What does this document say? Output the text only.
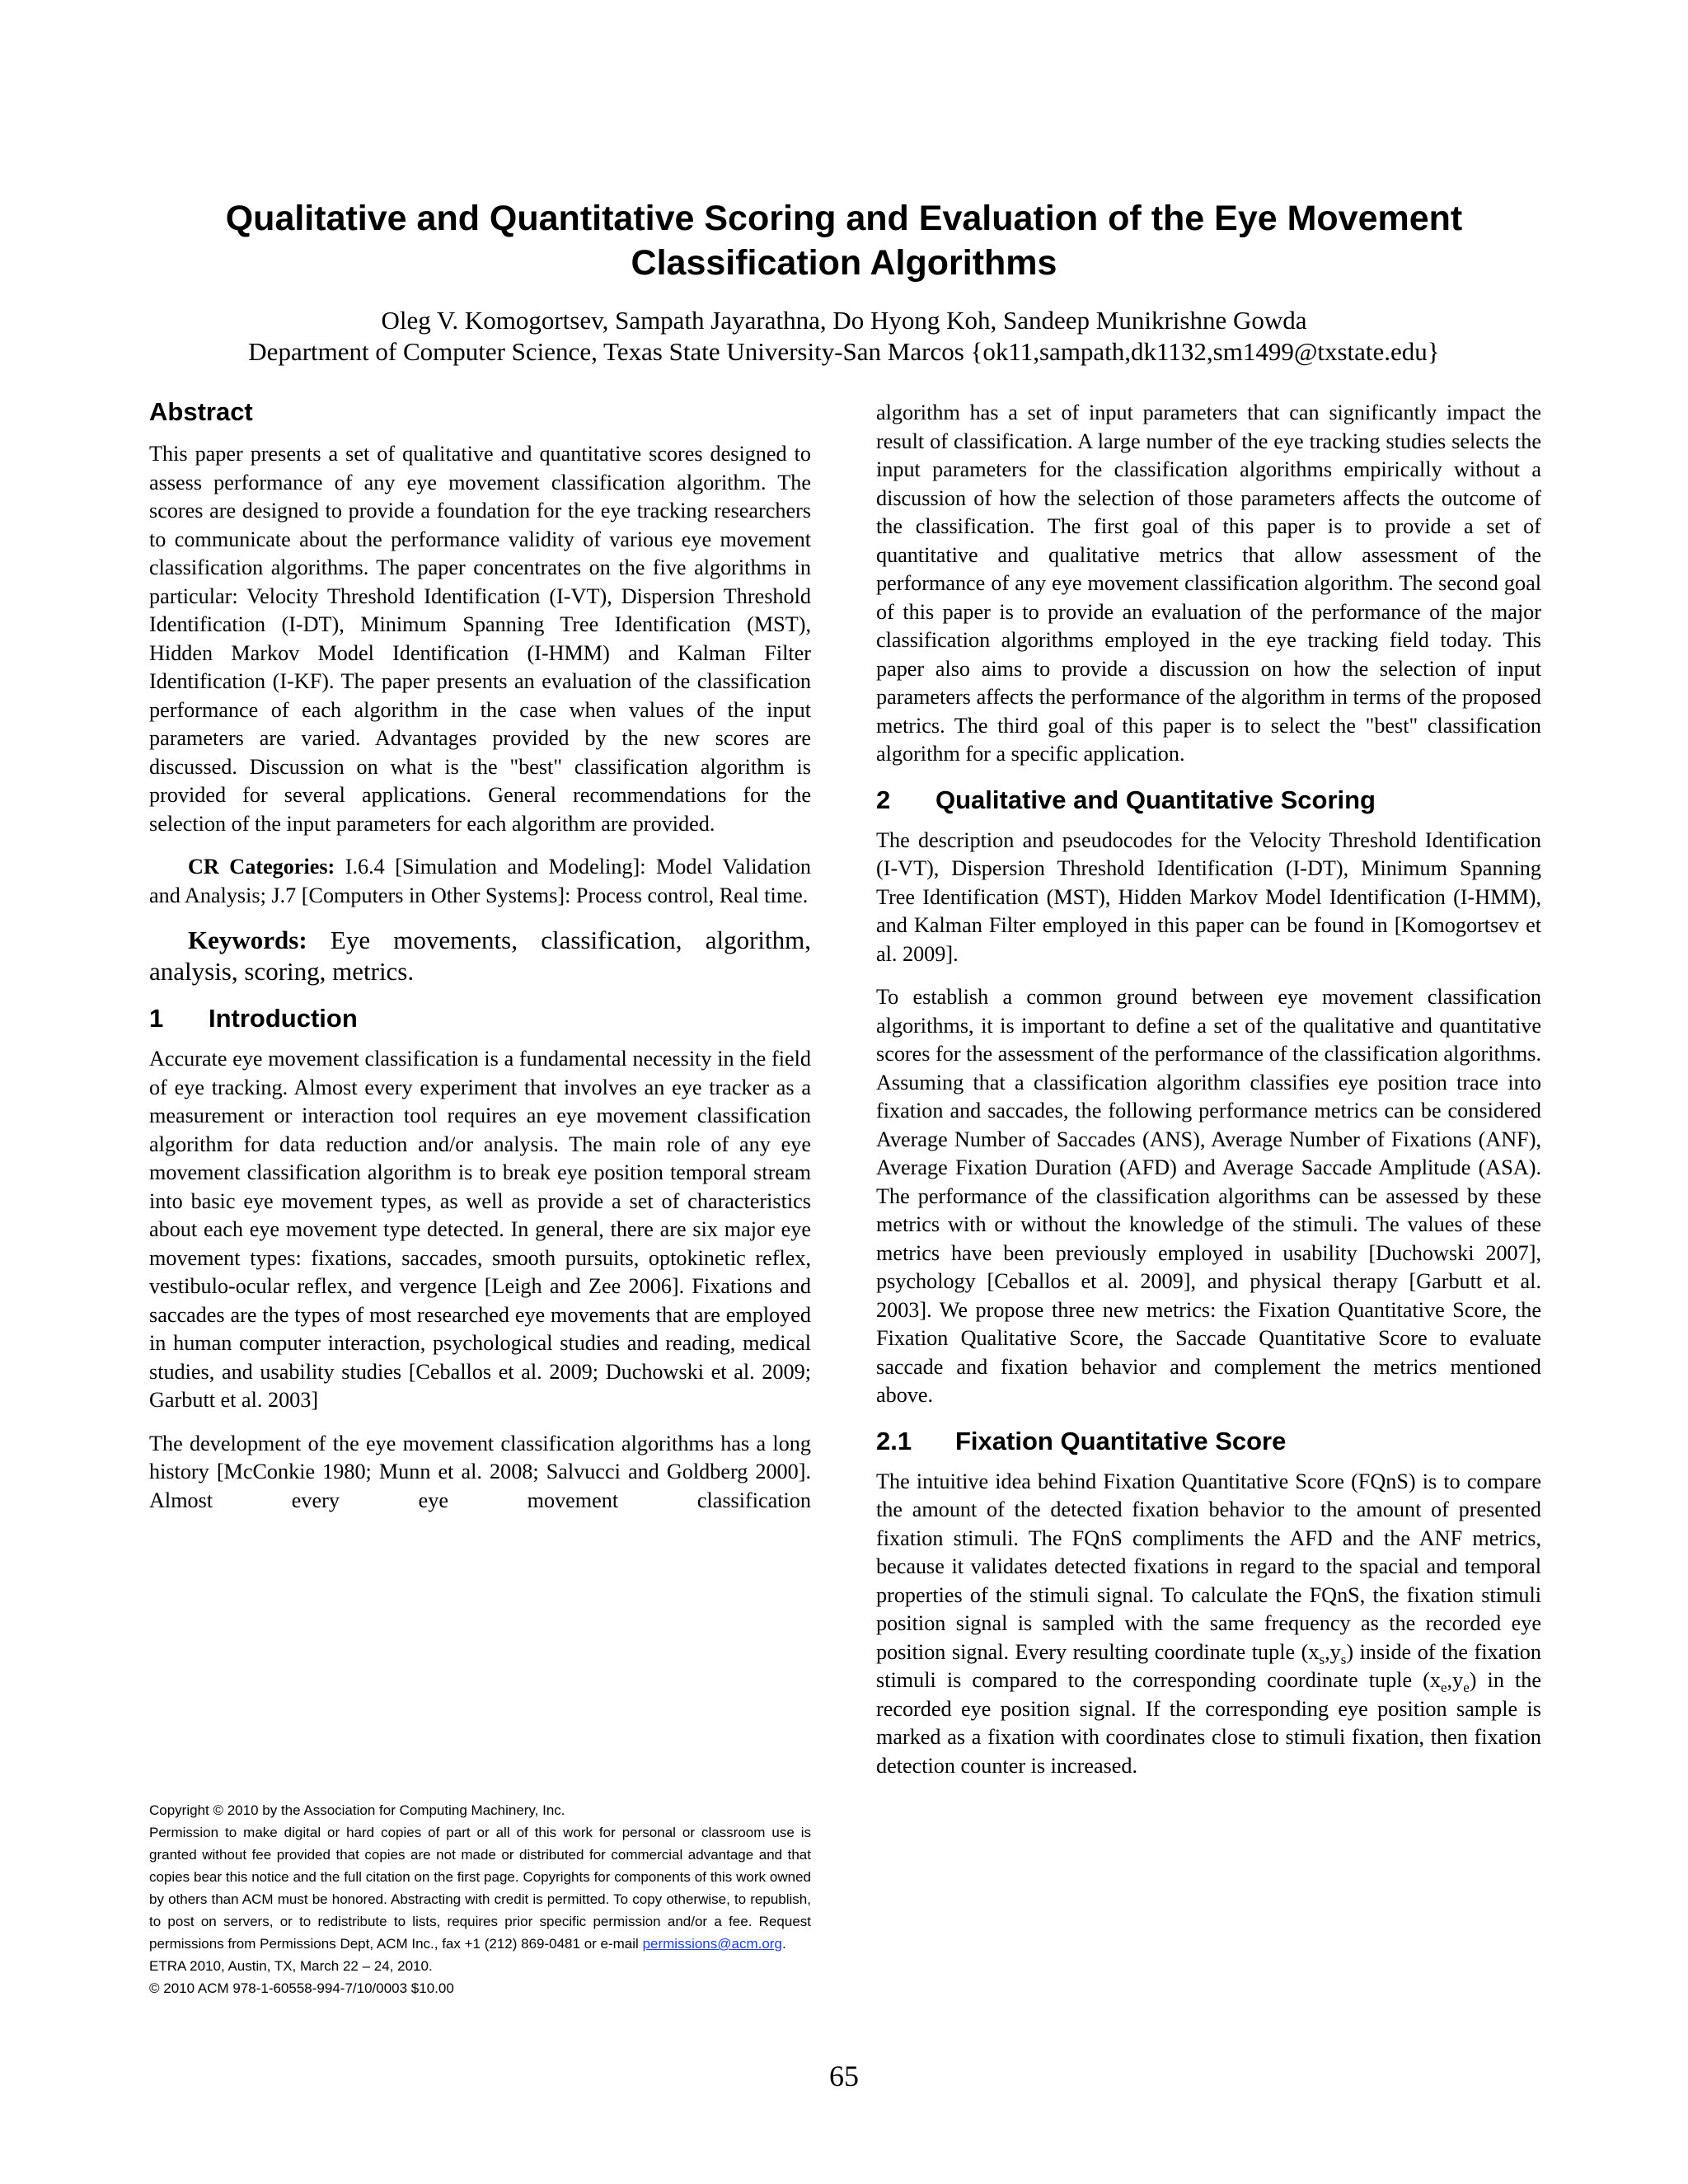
Qualitative and Quantitative Scoring and Evaluation of the Eye Movement Classification Algorithms

Oleg V. Komogortsev, Sampath Jayarathna, Do Hyong Koh, Sandeep Munikrishne Gowda

Department of Computer Science, Texas State University-San Marcos {ok11,sampath,dk1132,sm1499@txstate.edu}

Abstract

This paper presents a set of qualitative and quantitative scores designed to assess performance of any eye movement classification algorithm. The scores are designed to provide a foundation for the eye tracking researchers to communicate about the performance validity of various eye movement classification algorithms. The paper concentrates on the five algorithms in particular: Velocity Threshold Identification (I-VT), Dispersion Threshold Identification (I-DT), Minimum Spanning Tree Identification (MST), Hidden Markov Model Identification (I-HMM) and Kalman Filter Identification (I-KF). The paper presents an evaluation of the classification performance of each algorithm in the case when values of the input parameters are varied. Advantages provided by the new scores are discussed. Discussion on what is the "best" classification algorithm is provided for several applications. General recommendations for the selection of the input parameters for each algorithm are provided.

CR Categories: I.6.4 [Simulation and Modeling]: Model Validation and Analysis; J.7 [Computers in Other Systems]: Process control, Real time.

Keywords: Eye movements, classification, algorithm, analysis, scoring, metrics.

1 Introduction

Accurate eye movement classification is a fundamental necessity in the field of eye tracking. Almost every experiment that involves an eye tracker as a measurement or interaction tool requires an eye movement classification algorithm for data reduction and/or analysis. The main role of any eye movement classification algorithm is to break eye position temporal stream into basic eye movement types, as well as provide a set of characteristics about each eye movement type detected. In general, there are six major eye movement types: fixations, saccades, smooth pursuits, optokinetic reflex, vestibulo-ocular reflex, and vergence [Leigh and Zee 2006]. Fixations and saccades are the types of most researched eye movements that are employed in human computer interaction, psychological studies and reading, medical studies, and usability studies [Ceballos et al. 2009; Duchowski et al. 2009; Garbutt et al. 2003]

The development of the eye movement classification algorithms has a long history [McConkie 1980; Munn et al. 2008; Salvucci and Goldberg 2000]. Almost every eye movement classification

algorithm has a set of input parameters that can significantly impact the result of classification. A large number of the eye tracking studies selects the input parameters for the classification algorithms empirically without a discussion of how the selection of those parameters affects the outcome of the classification. The first goal of this paper is to provide a set of quantitative and qualitative metrics that allow assessment of the performance of any eye movement classification algorithm. The second goal of this paper is to provide an evaluation of the performance of the major classification algorithms employed in the eye tracking field today. This paper also aims to provide a discussion on how the selection of input parameters affects the performance of the algorithm in terms of the proposed metrics. The third goal of this paper is to select the "best" classification algorithm for a specific application.

2 Qualitative and Quantitative Scoring

The description and pseudocodes for the Velocity Threshold Identification (I-VT), Dispersion Threshold Identification (I-DT), Minimum Spanning Tree Identification (MST), Hidden Markov Model Identification (I-HMM), and Kalman Filter employed in this paper can be found in [Komogortsev et al. 2009].

To establish a common ground between eye movement classification algorithms, it is important to define a set of the qualitative and quantitative scores for the assessment of the performance of the classification algorithms. Assuming that a classification algorithm classifies eye position trace into fixation and saccades, the following performance metrics can be considered Average Number of Saccades (ANS), Average Number of Fixations (ANF), Average Fixation Duration (AFD) and Average Saccade Amplitude (ASA). The performance of the classification algorithms can be assessed by these metrics with or without the knowledge of the stimuli. The values of these metrics have been previously employed in usability [Duchowski 2007], psychology [Ceballos et al. 2009], and physical therapy [Garbutt et al. 2003]. We propose three new metrics: the Fixation Quantitative Score, the Fixation Qualitative Score, the Saccade Quantitative Score to evaluate saccade and fixation behavior and complement the metrics mentioned above.

2.1 Fixation Quantitative Score

The intuitive idea behind Fixation Quantitative Score (FQnS) is to compare the amount of the detected fixation behavior to the amount of presented fixation stimuli. The FQnS compliments the AFD and the ANF metrics, because it validates detected fixations in regard to the spacial and temporal properties of the stimuli signal. To calculate the FQnS, the fixation stimuli position signal is sampled with the same frequency as the recorded eye position signal. Every resulting coordinate tuple $(x_s,y_s)$ inside of the fixation stimuli is compared to the corresponding coordinate tuple $(x_e,y_e)$ in the recorded eye position signal. If the corresponding eye position sample is marked as a fixation with coordinates close to stimuli fixation, then fixation detection counter is increased.

Copyright © 2010 by the Association for Computing Machinery, Inc.

Permission to make digital or hard copies of part or all of this work for personal or classroom use is granted without fee provided that copies are not made or distributed for commercial advantage and that copies bear this notice and the full citation on the first page. Copyrights for components of this work owned by others than ACM must be honored. Abstracting with credit is permitted. To copy otherwise, to republish, to post on servers, or to redistribute to lists, requires prior specific permission and/or a fee. Request permissions from Permissions Dept, ACM Inc., fax +1 (212) 869-0481 or e-mail permissions@acm.org.

ETRA 2010, Austin, TX, March 22 – 24, 2010.

© 2010 ACM 978-1-60558-994-7/10/0003 $10.00

65
